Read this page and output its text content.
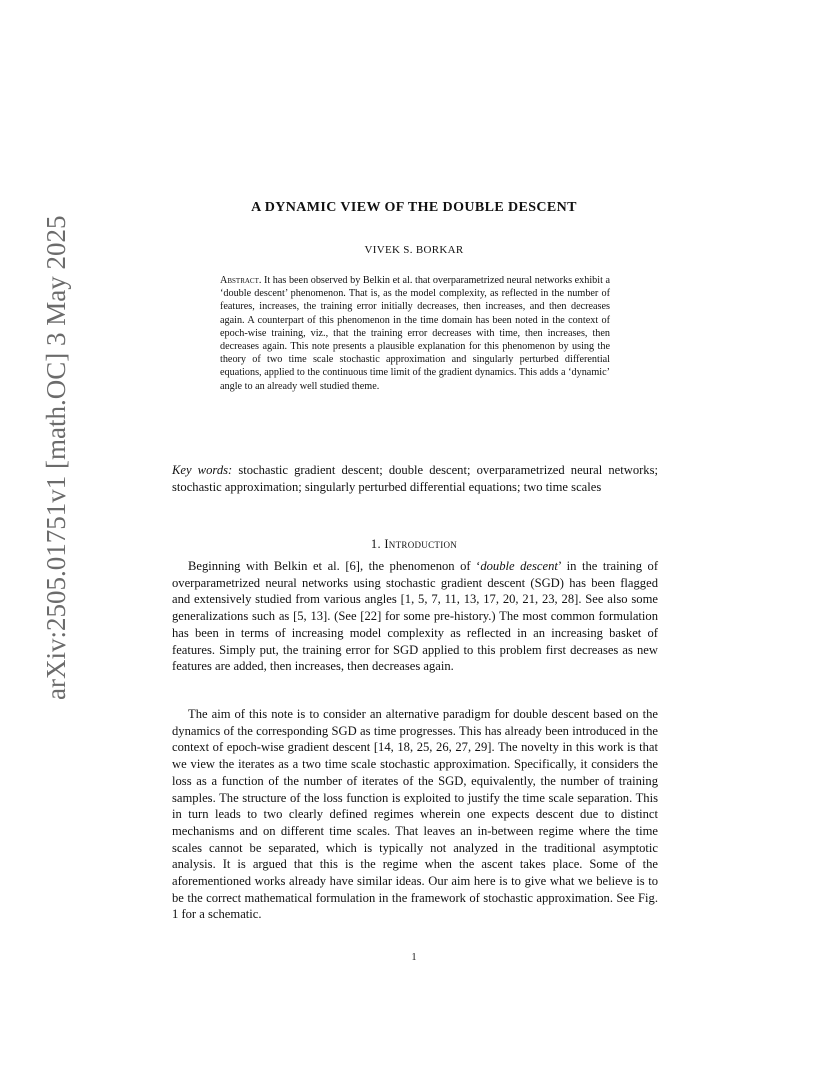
arXiv:2505.01751v1 [math.OC] 3 May 2025
A DYNAMIC VIEW OF THE DOUBLE DESCENT
VIVEK S. BORKAR
Abstract. It has been observed by Belkin et al. that overparametrized neural networks exhibit a ‘double descent’ phenomenon. That is, as the model complexity, as reflected in the number of features, increases, the training error initially decreases, then increases, and then decreases again. A counterpart of this phenomenon in the time domain has been noted in the context of epoch-wise training, viz., that the training error decreases with time, then increases, then decreases again. This note presents a plausible explanation for this phenomenon by using the theory of two time scale stochastic approximation and singularly perturbed differential equations, applied to the continuous time limit of the gradient dynamics. This adds a ‘dynamic’ angle to an already well studied theme.
Key words: stochastic gradient descent; double descent; overparametrized neural networks; stochastic approximation; singularly perturbed differential equations; two time scales
1. Introduction
Beginning with Belkin et al. [6], the phenomenon of ‘double descent’ in the training of overparametrized neural networks using stochastic gradient descent (SGD) has been flagged and extensively studied from various angles [1, 5, 7, 11, 13, 17, 20, 21, 23, 28]. See also some generalizations such as [5, 13]. (See [22] for some pre-history.) The most common formulation has been in terms of increasing model complexity as reflected in an increasing basket of features. Simply put, the training error for SGD applied to this problem first decreases as new features are added, then increases, then decreases again.
The aim of this note is to consider an alternative paradigm for double descent based on the dynamics of the corresponding SGD as time progresses. This has already been introduced in the context of epoch-wise gradient descent [14, 18, 25, 26, 27, 29]. The novelty in this work is that we view the iterates as a two time scale stochastic approximation. Specifically, it considers the loss as a function of the number of iterates of the SGD, equivalently, the number of training samples. The structure of the loss function is exploited to justify the time scale separation. This in turn leads to two clearly defined regimes wherein one expects descent due to distinct mechanisms and on different time scales. That leaves an in-between regime where the time scales cannot be separated, which is typically not analyzed in the traditional asymptotic analysis. It is argued that this is the regime when the ascent takes place. Some of the aforementioned works already have similar ideas. Our aim here is to give what we believe is to be the correct mathematical formulation in the framework of stochastic approximation. See Fig. 1 for a schematic.
1
